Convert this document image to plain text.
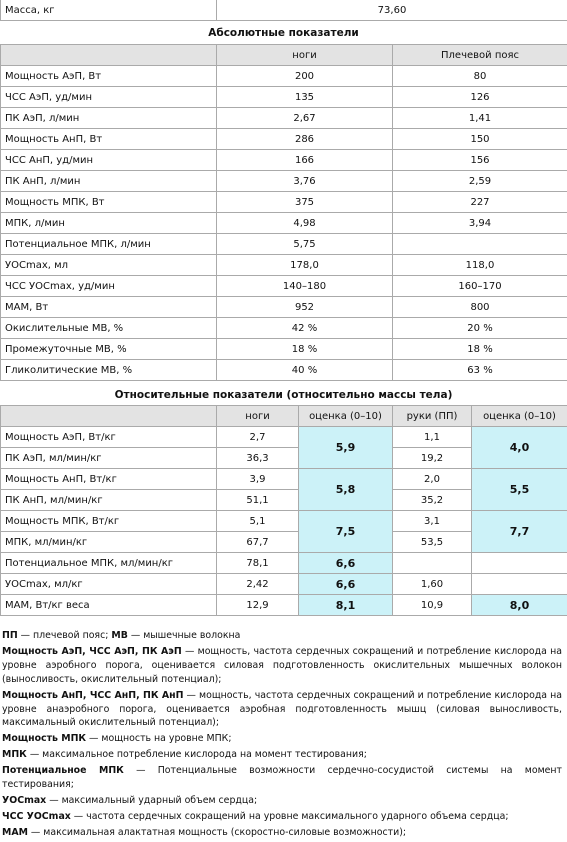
Масса, кг	73,60
Абсолютные показатели
	ноги	Плечевой пояс
Мощность АэП, Вт	200	80
ЧСС АэП, уд/мин	135	126
ПК АэП, л/мин	2,67	1,41
Мощность АнП, Вт	286	150
ЧСС АнП, уд/мин	166	156
ПК АнП, л/мин	3,76	2,59
Мощность МПК, Вт	375	227
МПК, л/мин	4,98	3,94
Потенциальное МПК, л/мин	5,75	
УОСmax, мл	178,0	118,0
ЧСС УОСmax, уд/мин	140–180	160–170
МАМ, Вт	952	800
Окислительные МВ, %	42 %	20 %
Промежуточные МВ, %	18 %	18 %
Гликолитические МВ, %	40 %	63 %
Относительные показатели (относительно массы тела)
	ноги	оценка (0–10)	руки (ПП)	оценка (0–10)
Мощность АэП, Вт/кг	2,7	5,9	1,1	4,0
ПК АэП, мл/мин/кг	36,3		19,2	
Мощность АнП, Вт/кг	3,9	5,8	2,0	5,5
ПК АнП, мл/мин/кг	51,1		35,2	
Мощность МПК, Вт/кг	5,1	7,5	3,1	7,7
МПК, мл/мин/кг	67,7		53,5	
Потенциальное МПК, мл/мин/кг	78,1	6,6		
УОСmax, мл/кг	2,42	6,6	1,60	
МАМ, Вт/кг веса	12,9	8,1	10,9	8,0

ПП — плечевой пояс; МВ — мышечные волокна

Мощность АэП, ЧСС АэП, ПК АэП — мощность, частота сердечных сокращений и потребление кислорода на уровне аэробного порога, оценивается силовая подготовленность окислительных мышечных волокон (выносливость, окислительный потенциал);

Мощность АнП, ЧСС АнП, ПК АнП — мощность, частота сердечных сокращений и потребление кислорода на уровне анаэробного порога, оценивается аэробная подготовленность мышц (силовая выносливость, максимальный окислительный потенциал);

Мощность МПК — мощность на уровне МПК;

МПК — максимальное потребление кислорода на момент тестирования;

Потенциальное МПК — Потенциальные возможности сердечно-сосудистой системы на момент тестирования;

УОСmax — максимальный ударный объем сердца;

ЧСС УОСmax — частота сердечных сокращений на уровне максимального ударного объема сердца;

МАМ — максимальная алактатная мощность (скоростно-силовые возможности);
